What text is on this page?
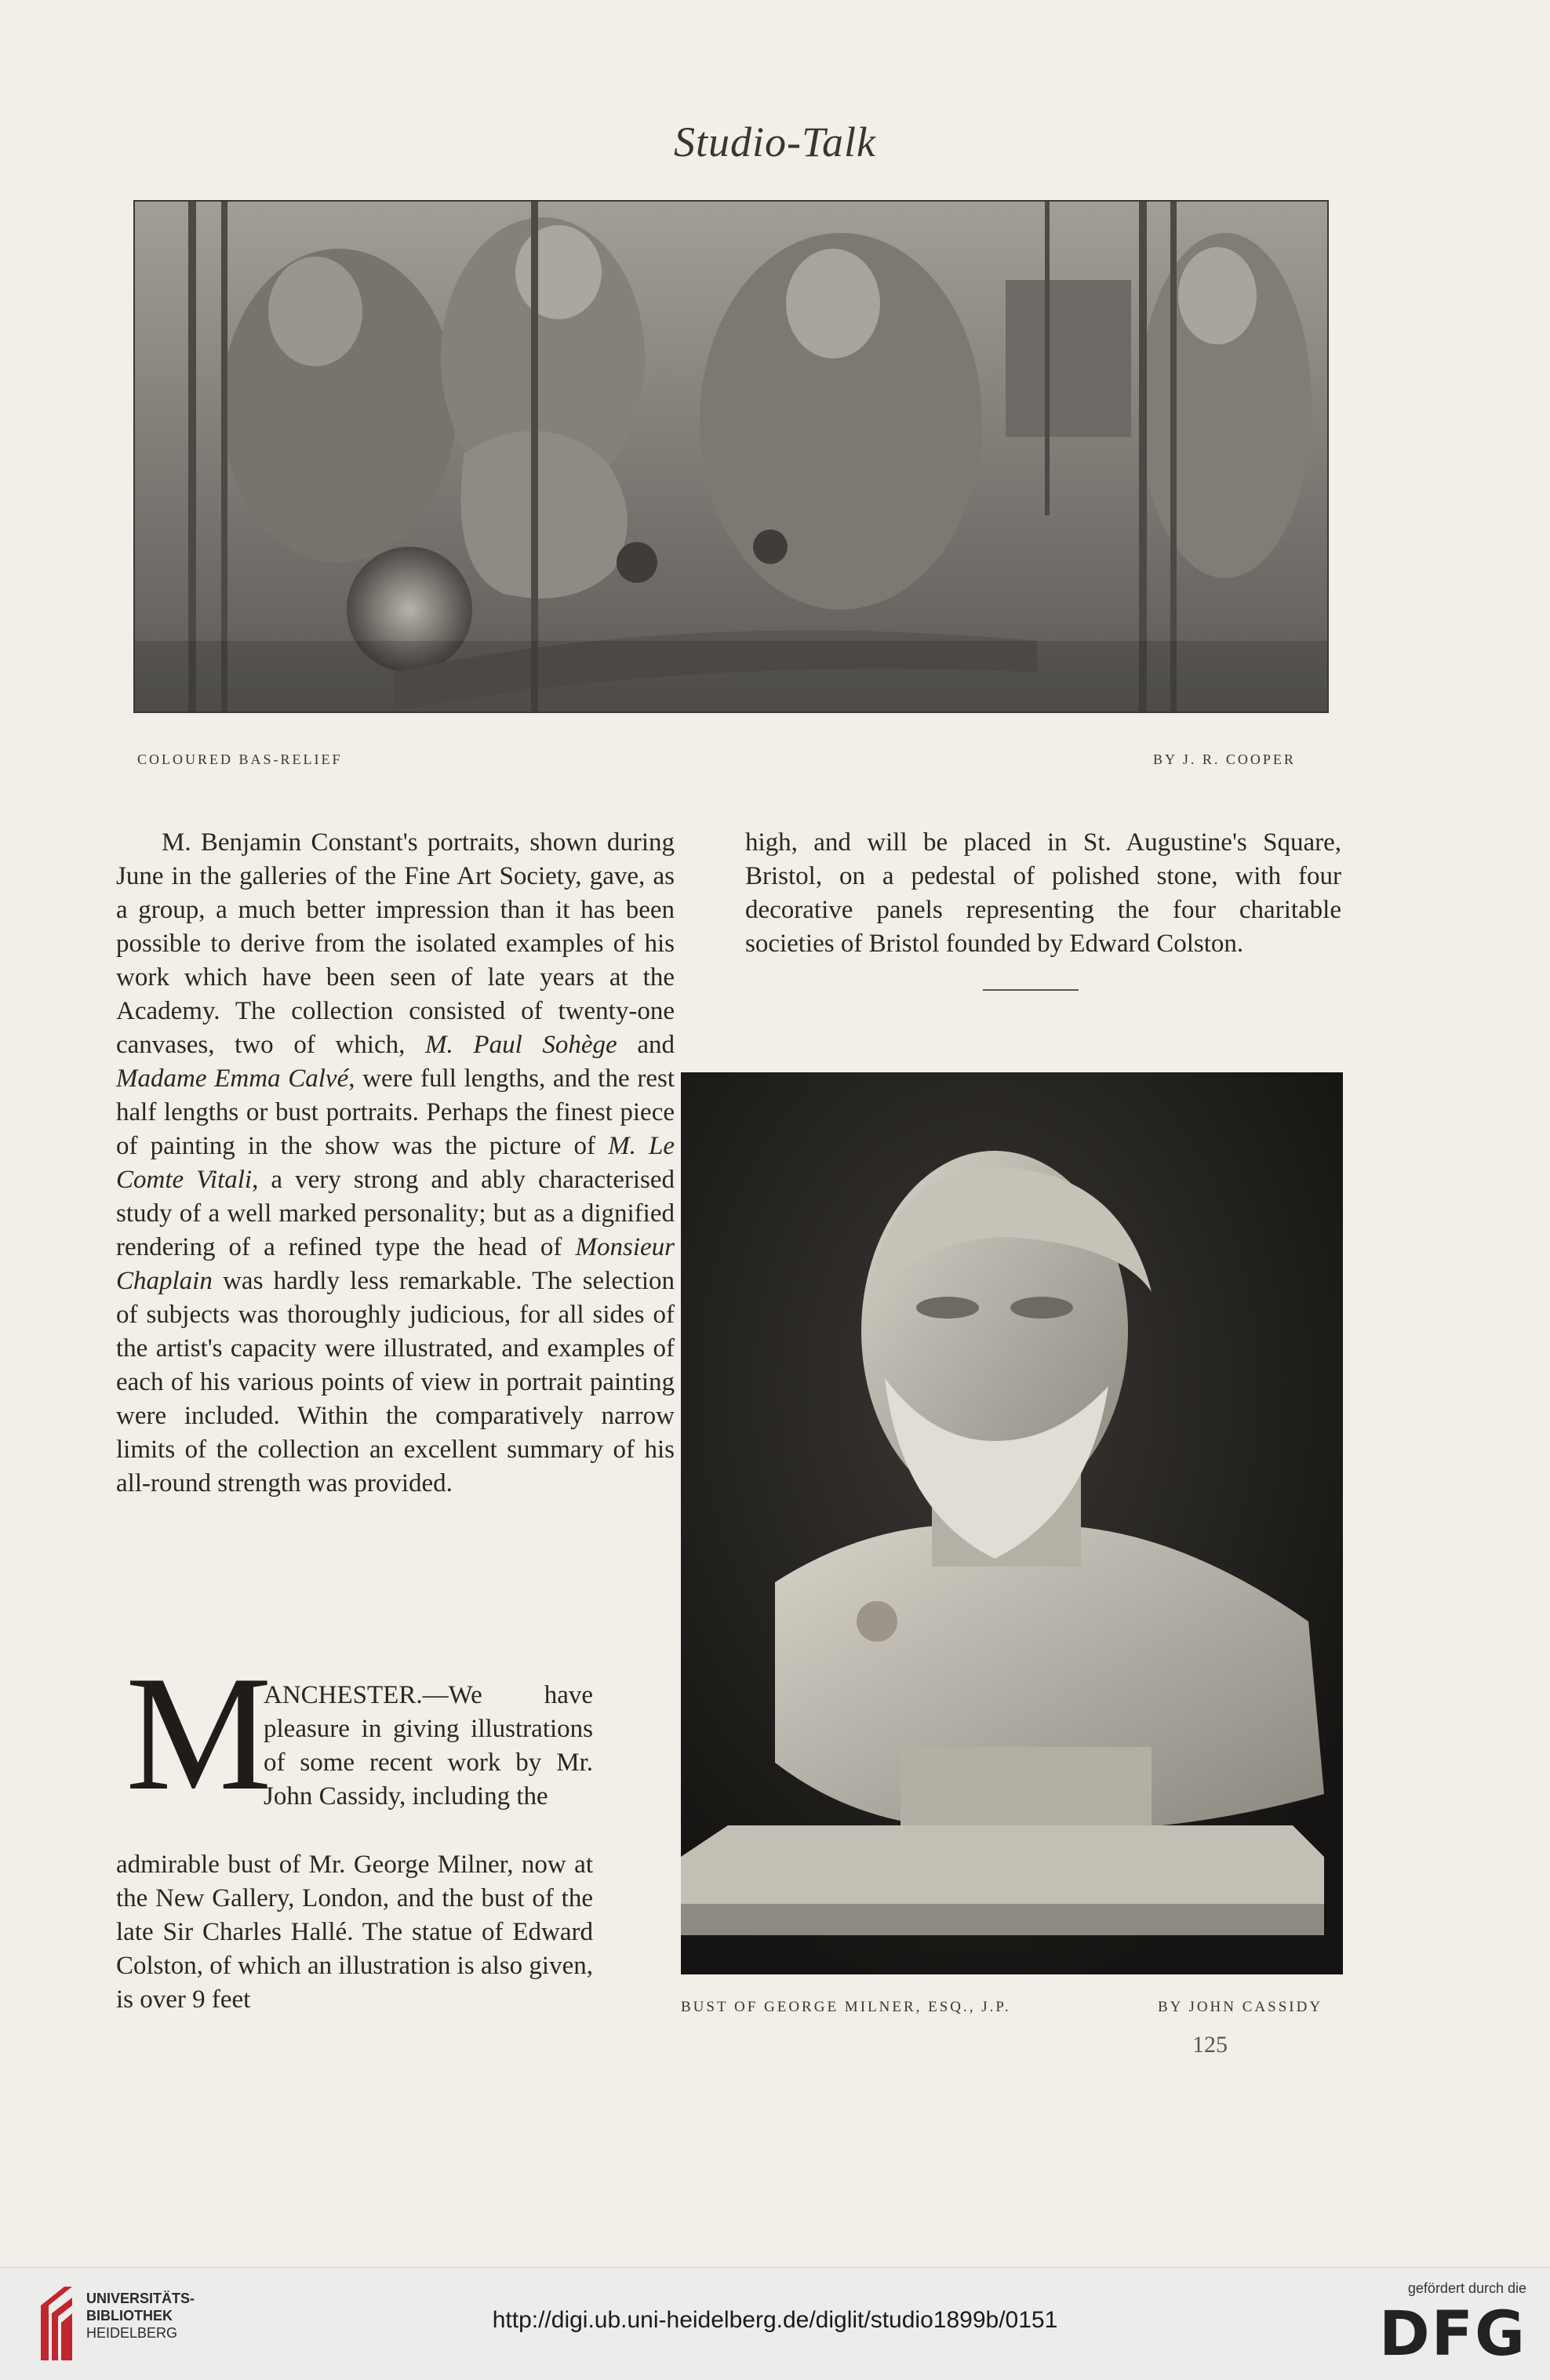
Studio-Talk
COLOURED BAS-RELIEF	BY J. R. COOPER

M. Benjamin Constant's portraits, shown during June in the galleries of the Fine Art Society, gave, as a group, a much better impression than it has been possible to derive from the isolated examples of his work which have been seen of late years at the Academy. The collection consisted of twenty-one canvases, two of which, M. Paul Sohège and Madame Emma Calvé, were full lengths, and the rest half lengths or bust portraits. Perhaps the finest piece of painting in the show was the picture of M. Le Comte Vitali, a very strong and ably characterised study of a well marked personality; but as a dignified rendering of a refined type the head of Monsieur Chaplain was hardly less remarkable. The selection of subjects was thoroughly judicious, for all sides of the artist's capacity were illustrated, and examples of each of his various points of view in portrait painting were included. Within the comparatively narrow limits of the collection an excellent summary of his all-round strength was provided.

M

ANCHESTER.—We have pleasure in giving illustrations of some recent work by Mr. John Cassidy, including the

admirable bust of Mr. George Milner, now at the New Gallery, London, and the bust of the late Sir Charles Hallé. The statue of Edward Colston, of which an illustration is also given, is over 9 feet

high, and will be placed in St. Augustine's Square, Bristol, on a pedestal of polished stone, with four decorative panels representing the four charitable societies of Bristol founded by Edward Colston.

BUST OF GEORGE MILNER, ESQ., J.P.	BY JOHN CASSIDY
125
UNIVERSITÄTS-
BIBLIOTHEK
HEIDELBERG	http://digi.ub.uni-heidelberg.de/diglit/studio1899b/0151
gefördert durch die
DFG
